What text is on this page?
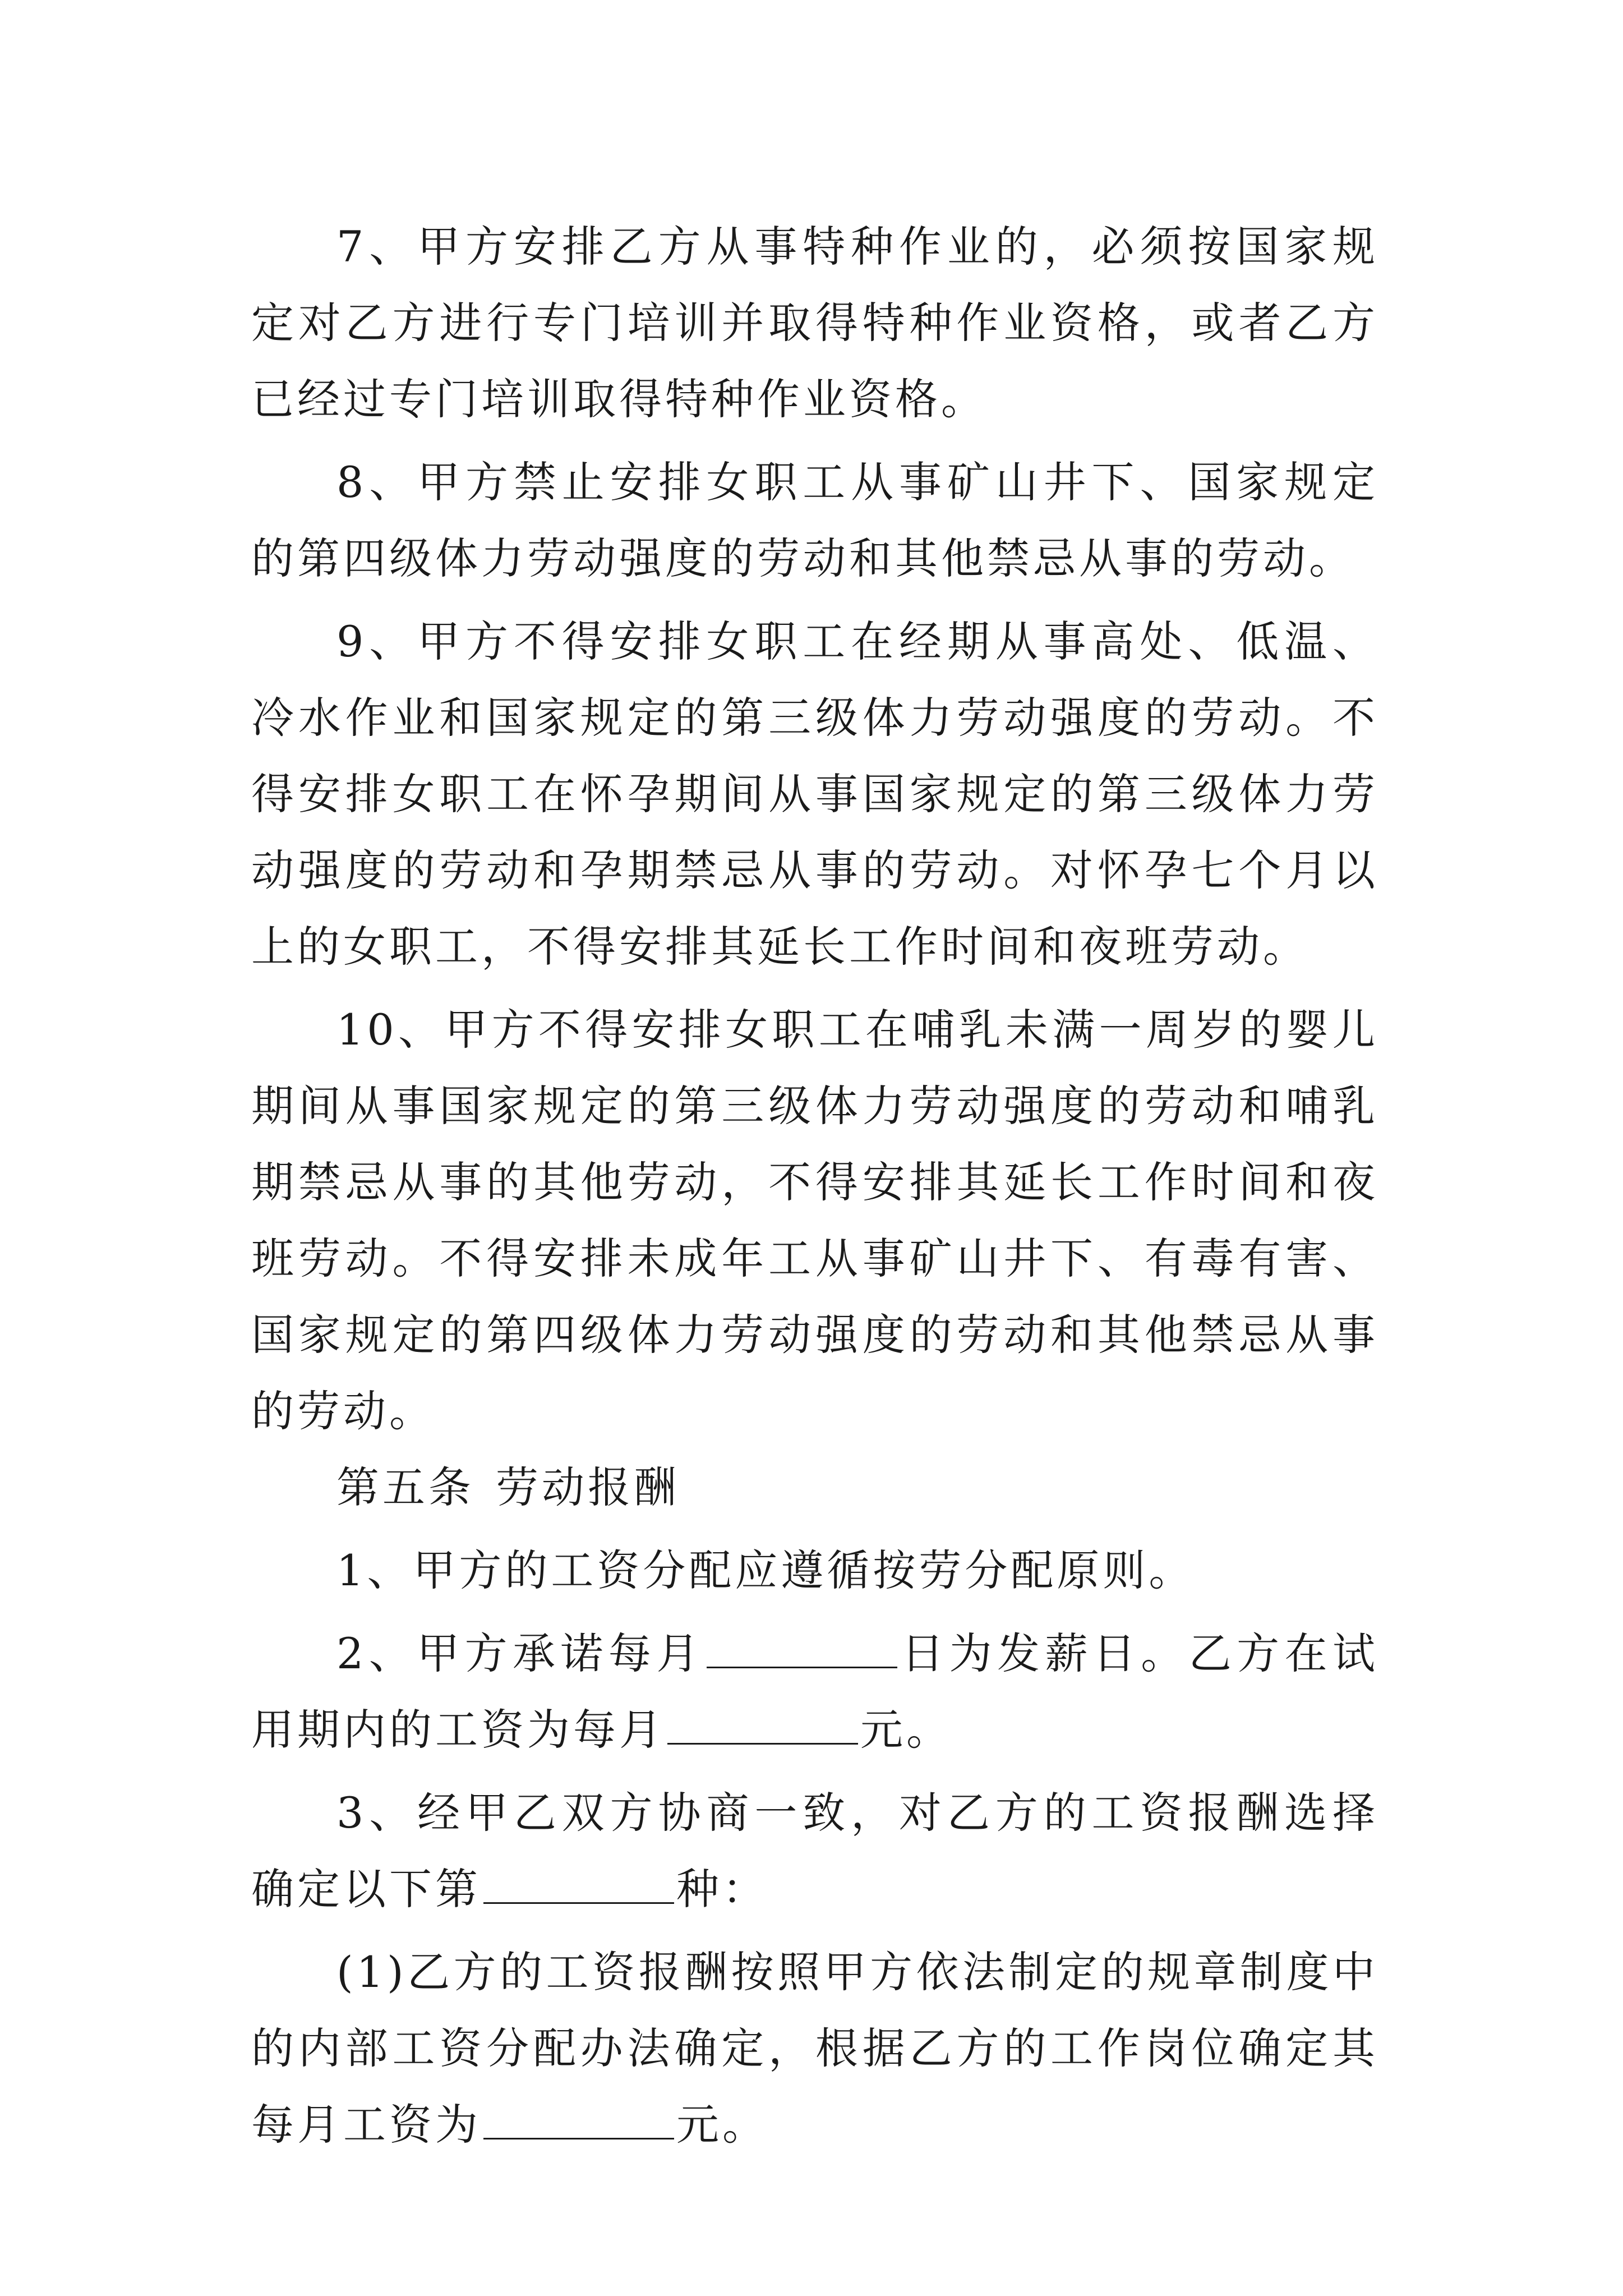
7、甲方安排乙方从事特种作业的，必须按国家规定对乙方进行专门培训并取得特种作业资格，或者乙方已经过专门培训取得特种作业资格。

8、甲方禁止安排女职工从事矿山井下、国家规定的第四级体力劳动强度的劳动和其他禁忌从事的劳动。

9、甲方不得安排女职工在经期从事高处、低温、冷水作业和国家规定的第三级体力劳动强度的劳动。不得安排女职工在怀孕期间从事国家规定的第三级体力劳动强度的劳动和孕期禁忌从事的劳动。对怀孕七个月以上的女职工，不得安排其延长工作时间和夜班劳动。

10、甲方不得安排女职工在哺乳未满一周岁的婴儿期间从事国家规定的第三级体力劳动强度的劳动和哺乳期禁忌从事的其他劳动，不得安排其延长工作时间和夜班劳动。不得安排未成年工从事矿山井下、有毒有害、国家规定的第四级体力劳动强度的劳动和其他禁忌从事的劳动。

第五条 劳动报酬

1、甲方的工资分配应遵循按劳分配原则。

2、甲方承诺每月	日为发薪日。乙方在试用期内的工资为每月	元。

3、经甲乙双方协商一致，对乙方的工资报酬选择确定以下第	种：

(1)乙方的工资报酬按照甲方依法制定的规章制度中的内部工资分配办法确定，根据乙方的工作岗位确定其每月工资为	元。
